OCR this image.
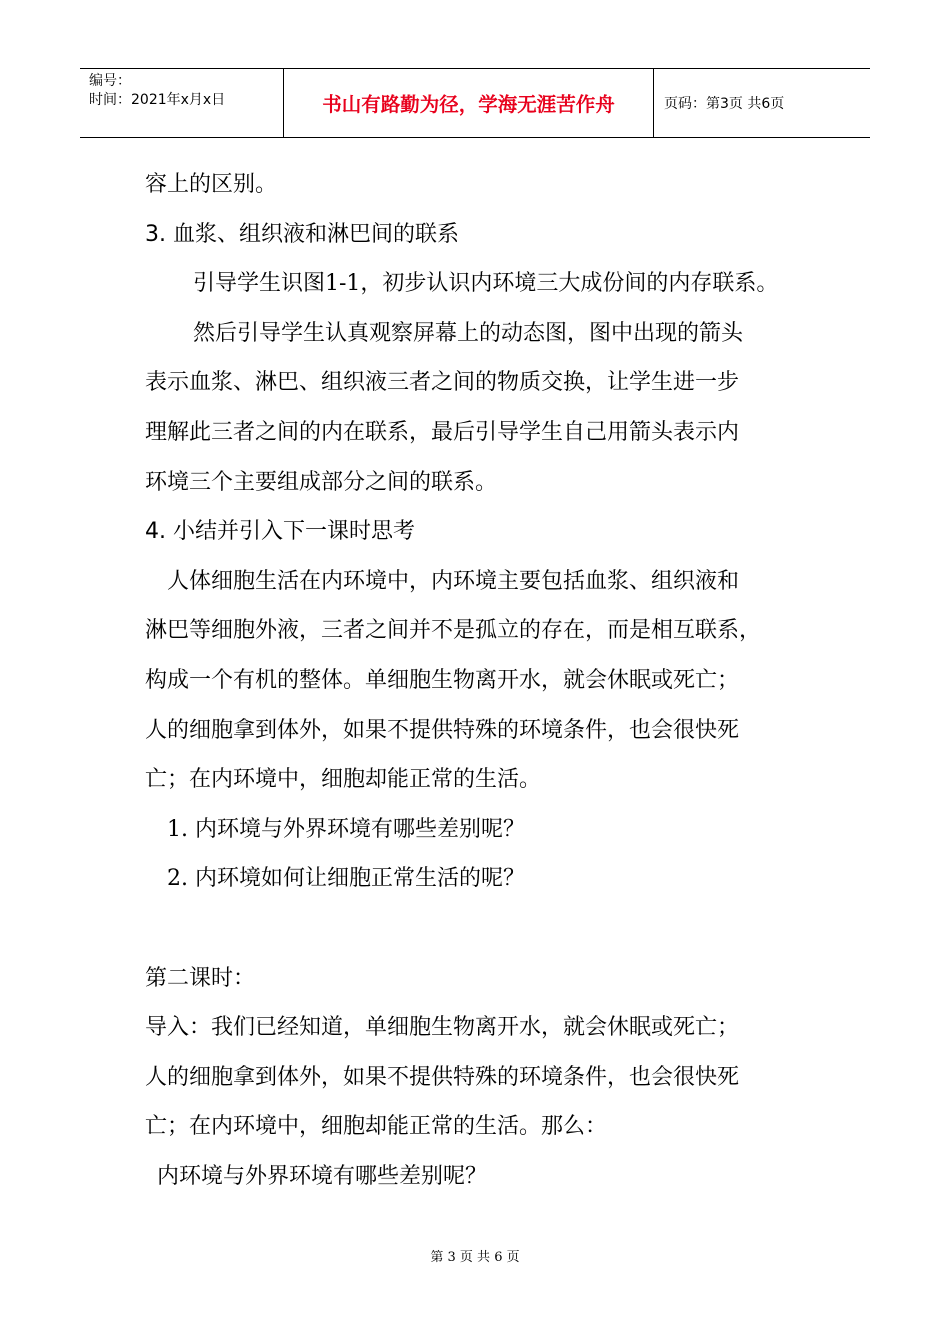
编号：
时间：2021年x月x日	书山有路勤为径，学海无涯苦作舟	页码：第3页 共6页

容上的区别。

3. 血浆、组织液和淋巴间的联系

引导学生识图1-1，初步认识内环境三大成份间的内存联系。

然后引导学生认真观察屏幕上的动态图，图中出现的箭头

表示血浆、淋巴、组织液三者之间的物质交换，让学生进一步

理解此三者之间的内在联系，最后引导学生自己用箭头表示内

环境三个主要组成部分之间的联系。

4. 小结并引入下一课时思考

人体细胞生活在内环境中，内环境主要包括血浆、组织液和

淋巴等细胞外液，三者之间并不是孤立的存在，而是相互联系，

构成一个有机的整体。单细胞生物离开水，就会休眠或死亡；

人的细胞拿到体外，如果不提供特殊的环境条件，也会很快死

亡；在内环境中，细胞却能正常的生活。

1. 内环境与外界环境有哪些差别呢？

2. 内环境如何让细胞正常生活的呢？

第二课时：

导入：我们已经知道，单细胞生物离开水，就会休眠或死亡；

人的细胞拿到体外，如果不提供特殊的环境条件，也会很快死

亡；在内环境中，细胞却能正常的生活。那么：

内环境与外界环境有哪些差别呢？

第 3 页 共 6 页
